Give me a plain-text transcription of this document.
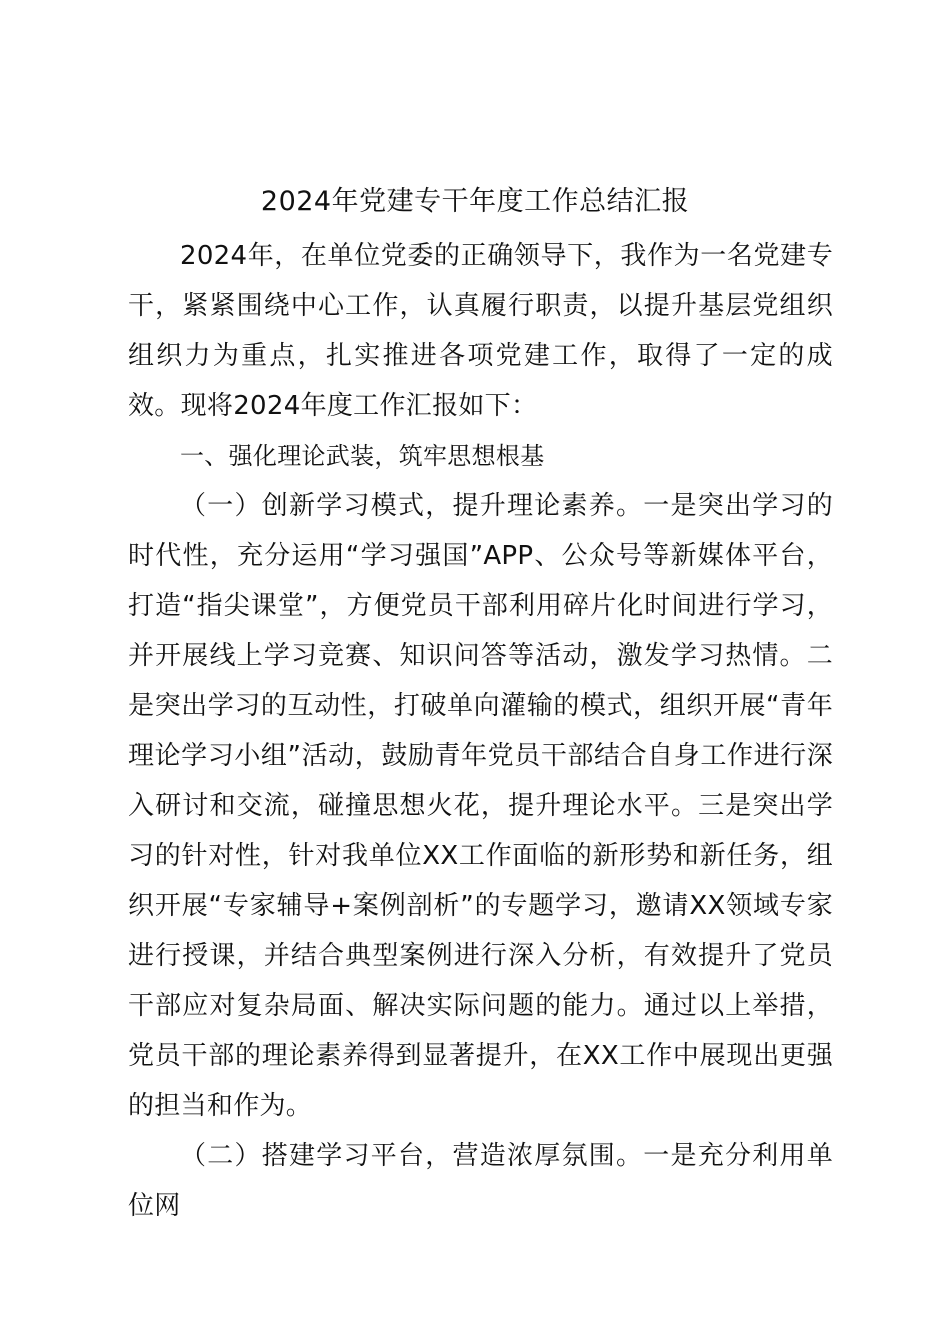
2024年党建专干年度工作总结汇报

2024年，在单位党委的正确领导下，我作为一名党建专干，紧紧围绕中心工作，认真履行职责，以提升基层党组织组织力为重点，扎实推进各项党建工作，取得了一定的成效。现将2024年度工作汇报如下：

一、强化理论武装，筑牢思想根基

（一）创新学习模式，提升理论素养。一是突出学习的时代性，充分运用“学习强国”APP、公众号等新媒体平台，打造“指尖课堂”，方便党员干部利用碎片化时间进行学习，并开展线上学习竞赛、知识问答等活动，激发学习热情。二是突出学习的互动性，打破单向灌输的模式，组织开展“青年理论学习小组”活动，鼓励青年党员干部结合自身工作进行深入研讨和交流，碰撞思想火花，提升理论水平。三是突出学习的针对性，针对我单位XX工作面临的新形势和新任务，组织开展“专家辅导+案例剖析”的专题学习，邀请XX领域专家进行授课，并结合典型案例进行深入分析，有效提升了党员干部应对复杂局面、解决实际问题的能力。通过以上举措，党员干部的理论素养得到显著提升，在XX工作中展现出更强的担当和作为。

（二）搭建学习平台，营造浓厚氛围。一是充分利用单位网
